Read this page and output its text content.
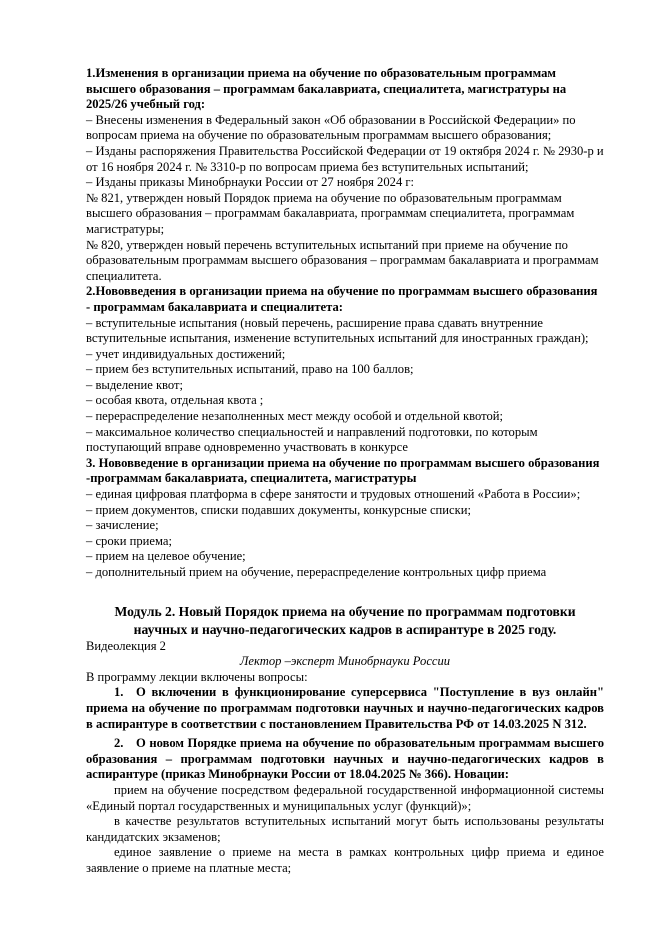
1.Изменения в организации приема на обучение по образовательным программам высшего образования – программам бакалавриата, специалитета, магистратуры на 2025/26 учебный год:

– Внесены изменения в Федеральный закон «Об образовании в Российской Федерации» по вопросам приема на обучение по образовательным программам высшего образования;

– Изданы распоряжения Правительства Российской Федерации от 19 октября 2024 г. № 2930-р и от 16 ноября 2024 г. № 3310-р по вопросам приема без вступительных испытаний;

– Изданы приказы Минобрнауки России от 27 ноября 2024 г:

№ 821, утвержден новый Порядок приема на обучение по образовательным программам высшего образования – программам бакалавриата, программам специалитета, программам магистратуры;

№ 820, утвержден новый перечень вступительных испытаний при приеме на обучение по образовательным программам высшего образования – программам бакалавриата и программам специалитета.

2.Нововведения в организации приема на обучение по программам высшего образования - программам бакалавриата и специалитета:

– вступительные испытания (новый перечень, расширение права сдавать внутренние вступительные испытания, изменение вступительных испытаний для иностранных граждан);

– учет индивидуальных достижений;

– прием без вступительных испытаний, право на 100 баллов;

– выделение квот;

– особая квота, отдельная квота ;

– перераспределение незаполненных мест между особой и отдельной квотой;

– максимальное количество специальностей и направлений подготовки, по которым поступающий вправе одновременно участвовать в конкурсе

3. Нововведение в организации приема на обучение по программам высшего образования -программам бакалавриата, специалитета, магистратуры

– единая цифровая платформа в сфере занятости и трудовых отношений «Работа в России»;

– прием документов, списки подавших документы, конкурсные списки;

– зачисление;

– сроки приема;

– прием на целевое обучение;

– дополнительный прием на обучение, перераспределение контрольных цифр приема

Модуль 2. Новый Порядок приема на обучение по программам подготовки научных и научно-педагогических кадров в аспирантуре в 2025 году.

Видеолекция 2

Лектор –эксперт Минобрнауки России

В программу лекции включены вопросы:

1. О включении в функционирование суперсервиса "Поступление в вуз онлайн" приема на обучение по программам подготовки научных и научно-педагогических кадров в аспирантуре в соответствии с постановлением Правительства РФ от 14.03.2025 N 312.

2. О новом Порядке приема на обучение по образовательным программам высшего образования – программам подготовки научных и научно-педагогических кадров в аспирантуре (приказ Минобрнауки России от 18.04.2025 № 366). Новации:

прием на обучение посредством федеральной государственной информационной системы «Единый портал государственных и муниципальных услуг (функций)»;

в качестве результатов вступительных испытаний могут быть использованы результаты кандидатских экзаменов;

единое заявление о приеме на места в рамках контрольных цифр приема и единое заявление о приеме на платные места;
